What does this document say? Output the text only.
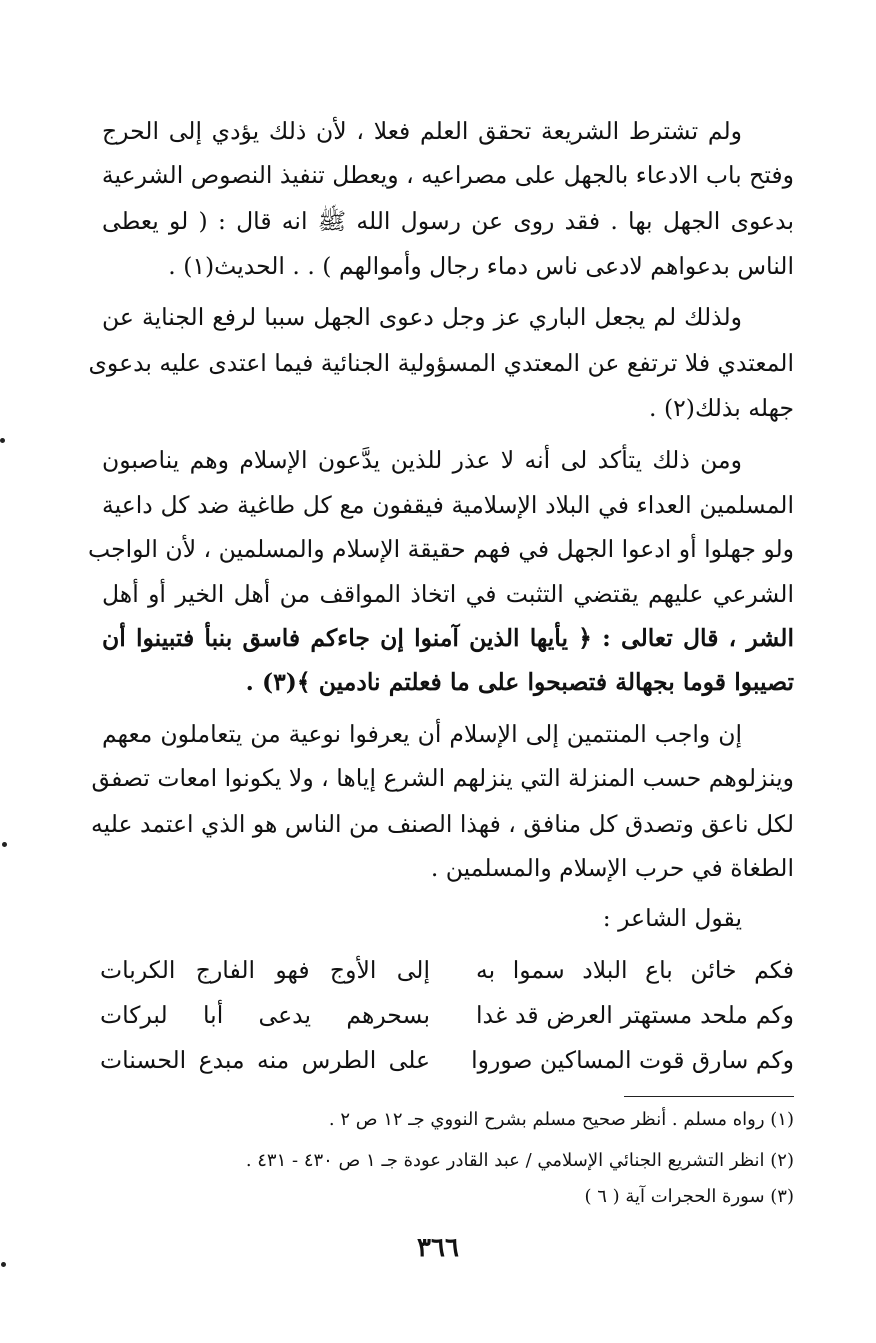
ولم تشترط الشريعة تحقق العلم فعلا ، لأن ذلك يؤدي إلى الحرج
وفتح باب الادعاء بالجهل على مصراعيه ، ويعطل تنفيذ النصوص الشرعية
بدعوى الجهل بها . فقد روى عن رسول الله ﷺ انه قال : ( لو يعطى
الناس بدعواهم لادعى ناس دماء رجال وأموالهم ) . . الحديث(١) .
ولذلك لم يجعل الباري عز وجل دعوى الجهل سببا لرفع الجناية عن
المعتدي فلا ترتفع عن المعتدي المسؤولية الجنائية فيما اعتدى عليه بدعوى
جهله بذلك(٢) .
ومن ذلك يتأكد لى أنه لا عذر للذين يدَّعون الإسلام وهم يناصبون
المسلمين العداء في البلاد الإسلامية فيقفون مع كل طاغية ضد كل داعية
ولو جهلوا أو ادعوا الجهل في فهم حقيقة الإسلام والمسلمين ، لأن الواجب
الشرعي عليهم يقتضي التثبت في اتخاذ المواقف من أهل الخير أو أهل
الشر ، قال تعالى : ﴿ يأيها الذين آمنوا إن جاءكم فاسق بنبأ فتبينوا أن
تصيبوا قوما بجهالة فتصبحوا على ما فعلتم نادمين ﴾(٣) .
إن واجب المنتمين إلى الإسلام أن يعرفوا نوعية من يتعاملون معهم
وينزلوهم حسب المنزلة التي ينزلهم الشرع إياها ، ولا يكونوا امعات تصفق
لكل ناعق وتصدق كل منافق ، فهذا الصنف من الناس هو الذي اعتمد عليه
الطغاة في حرب الإسلام والمسلمين .
يقول الشاعر :
فكم خائن باع البلاد سموا به
إلى الأوج فهو الفارج الكربات
وكم ملحد مستهتر العرض قد غدا
بسحرهم يدعى أبا لبركات
وكم سارق قوت المساكين صوروا
على الطرس منه مبدع الحسنات
(١) رواه مسلم . أنظر صحيح مسلم بشرح النووي جـ ١٢ ص ٢ .
(٢) انظر التشريع الجنائي الإسلامي / عبد القادر عودة جـ ١ ص ٤٣٠ - ٤٣١ .
(٣) سورة الحجرات آية ( ٦ )
٣٦٦
